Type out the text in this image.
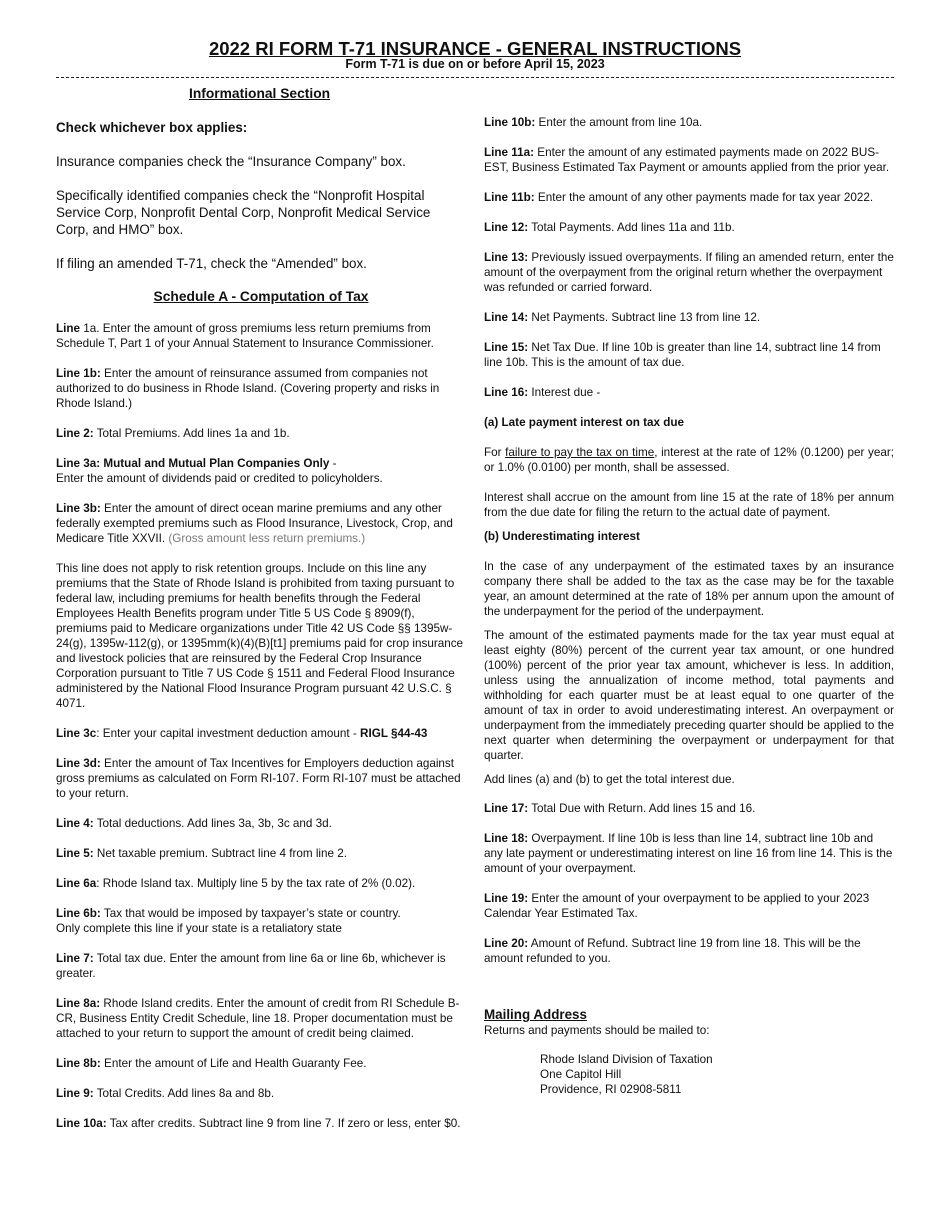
2022 RI FORM T-71 INSURANCE - GENERAL INSTRUCTIONS
Form T-71 is due on or before April 15, 2023

Informational Section

Check whichever box applies:

Insurance companies check the “Insurance Company” box.

Specifically identified companies check the “Nonprofit Hospital Service Corp, Nonprofit Dental Corp, Nonprofit Medical Service Corp, and HMO” box.

If filing an amended T-71, check the “Amended” box.

Schedule A - Computation of Tax

Line 1a. Enter the amount of gross premiums less return premiums from Schedule T, Part 1 of your Annual Statement to Insurance Commissioner.

Line 1b: Enter the amount of reinsurance assumed from companies not authorized to do business in Rhode Island. (Covering property and risks in Rhode Island.)

Line 2: Total Premiums. Add lines 1a and 1b.

Line 3a: Mutual and Mutual Plan Companies Only -
Enter the amount of dividends paid or credited to policyholders.

Line 3b: Enter the amount of direct ocean marine premiums and any other federally exempted premiums such as Flood Insurance, Livestock, Crop, and Medicare Title XXVII. (Gross amount less return premiums.)

This line does not apply to risk retention groups. Include on this line any premiums that the State of Rhode Island is prohibited from taxing pursuant to federal law, including premiums for health benefits through the Federal Employees Health Benefits program under Title 5 US Code § 8909(f), premiums paid to Medicare organizations under Title 42 US Code §§ 1395w-24(g), 1395w-112(g), or 1395mm(k)(4)(B)[t1] premiums paid for crop insurance and livestock policies that are reinsured by the Federal Crop Insurance Corporation pursuant to Title 7 US Code § 1511 and Federal Flood Insurance administered by the National Flood Insurance Program pursuant 42 U.S.C. § 4071.

Line 3c: Enter your capital investment deduction amount - RIGL §44-43

Line 3d: Enter the amount of Tax Incentives for Employers deduction against gross premiums as calculated on Form RI-107. Form RI-107 must be attached to your return.

Line 4: Total deductions. Add lines 3a, 3b, 3c and 3d.

Line 5: Net taxable premium. Subtract line 4 from line 2.

Line 6a: Rhode Island tax. Multiply line 5 by the tax rate of 2% (0.02).

Line 6b: Tax that would be imposed by taxpayer’s state or country.
Only complete this line if your state is a retaliatory state

Line 7: Total tax due. Enter the amount from line 6a or line 6b, whichever is greater.

Line 8a: Rhode Island credits. Enter the amount of credit from RI Schedule B-CR, Business Entity Credit Schedule, line 18. Proper documentation must be attached to your return to support the amount of credit being claimed.

Line 8b: Enter the amount of Life and Health Guaranty Fee.

Line 9: Total Credits. Add lines 8a and 8b.

Line 10a: Tax after credits. Subtract line 9 from line 7. If zero or less, enter $0.

Line 10b: Enter the amount from line 10a.

Line 11a: Enter the amount of any estimated payments made on 2022 BUS-EST, Business Estimated Tax Payment or amounts applied from the prior year.

Line 11b: Enter the amount of any other payments made for tax year 2022.

Line 12: Total Payments. Add lines 11a and 11b.

Line 13: Previously issued overpayments. If filing an amended return, enter the amount of the overpayment from the original return whether the overpayment was refunded or carried forward.

Line 14: Net Payments. Subtract line 13 from line 12.

Line 15: Net Tax Due. If line 10b is greater than line 14, subtract line 14 from line 10b. This is the amount of tax due.

Line 16: Interest due -

(a) Late payment interest on tax due

For failure to pay the tax on time, interest at the rate of 12% (0.1200) per year; or 1.0% (0.0100) per month, shall be assessed.

Interest shall accrue on the amount from line 15 at the rate of 18% per annum from the due date for filing the return to the actual date of payment.

(b) Underestimating interest

In the case of any underpayment of the estimated taxes by an insurance company there shall be added to the tax as the case may be for the taxable year, an amount determined at the rate of 18% per annum upon the amount of the underpayment for the period of the underpayment.

The amount of the estimated payments made for the tax year must equal at least eighty (80%) percent of the current year tax amount, or one hundred (100%) percent of the prior year tax amount, whichever is less. In addition, unless using the annualization of income method, total payments and withholding for each quarter must be at least equal to one quarter of the amount of tax in order to avoid underestimating interest. An overpayment or underpayment from the immediately preceding quarter should be applied to the next quarter when determining the overpayment or underpayment for that quarter.

Add lines (a) and (b) to get the total interest due.

Line 17: Total Due with Return. Add lines 15 and 16.

Line 18: Overpayment. If line 10b is less than line 14, subtract line 10b and any late payment or underestimating interest on line 16 from line 14. This is the amount of your overpayment.

Line 19: Enter the amount of your overpayment to be applied to your 2023 Calendar Year Estimated Tax.

Line 20: Amount of Refund. Subtract line 19 from line 18. This will be the amount refunded to you.

Mailing Address

Returns and payments should be mailed to:

Rhode Island Division of Taxation

One Capitol Hill

Providence, RI 02908-5811
